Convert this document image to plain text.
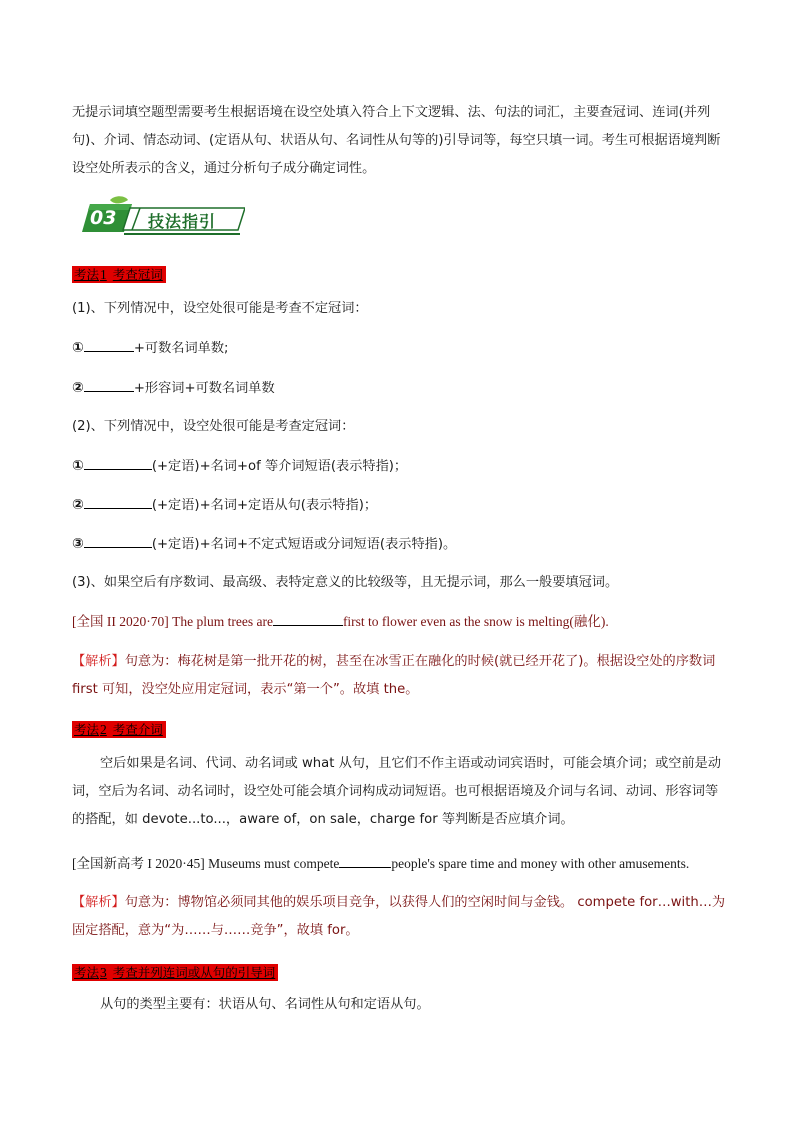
无提示词填空题型需要考生根据语境在设空处填入符合上下文逻辑、法、句法的词汇，主要查冠词、连词(并列句)、介词、情态动词、(定语从句、状语从句、名词性从句等的)引导词等，每空只填一词。考生可根据语境判断设空处所表示的含义，通过分析句子成分确定词性。

03 技法指引
考法1 考查冠词

(1)、下列情况中，设空处很可能是考查不定冠词：

①	+可数名词单数;
②	+形容词+可数名词单数

(2)、下列情况中，设空处很可能是考查定冠词：

①	(+定语)+名词+of 等介词短语(表示特指)；
②	(+定语)+名词+定语从句(表示特指)；
③	(+定语)+名词+不定式短语或分词短语(表示特指)。

(3)、如果空后有序数词、最高级、表特定意义的比较级等，且无提示词，那么一般要填冠词。

[全国 II 2020·70] The plum trees are	first to flower even as the snow is melting(融化).

【解析】句意为：梅花树是第一批开花的树，甚至在冰雪正在融化的时候(就已经开花了)。根据设空处的序数词 first 可知，没空处应用定冠词，表示“第一个”。故填 the。

考法2 考查介词

空后如果是名词、代词、动名词或 what 从句，且它们不作主语或动词宾语时，可能会填介词；或空前是动词，空后为名词、动名词时，设空处可能会填介词构成动词短语。也可根据语境及介词与名词、动词、形容词等的搭配，如 devote...to...，aware of，on sale，charge for 等判断是否应填介词。

[全国新高考 I 2020·45] Museums must compete	people's spare time and money with other amusements.

【解析】句意为：博物馆必须同其他的娱乐项目竞争，以获得人们的空闲时间与金钱。 compete for…with…为固定搭配，意为“为……与……竞争”，故填 for。

考法3 考查并列连词或从句的引导词

从句的类型主要有：状语从句、名词性从句和定语从句。
